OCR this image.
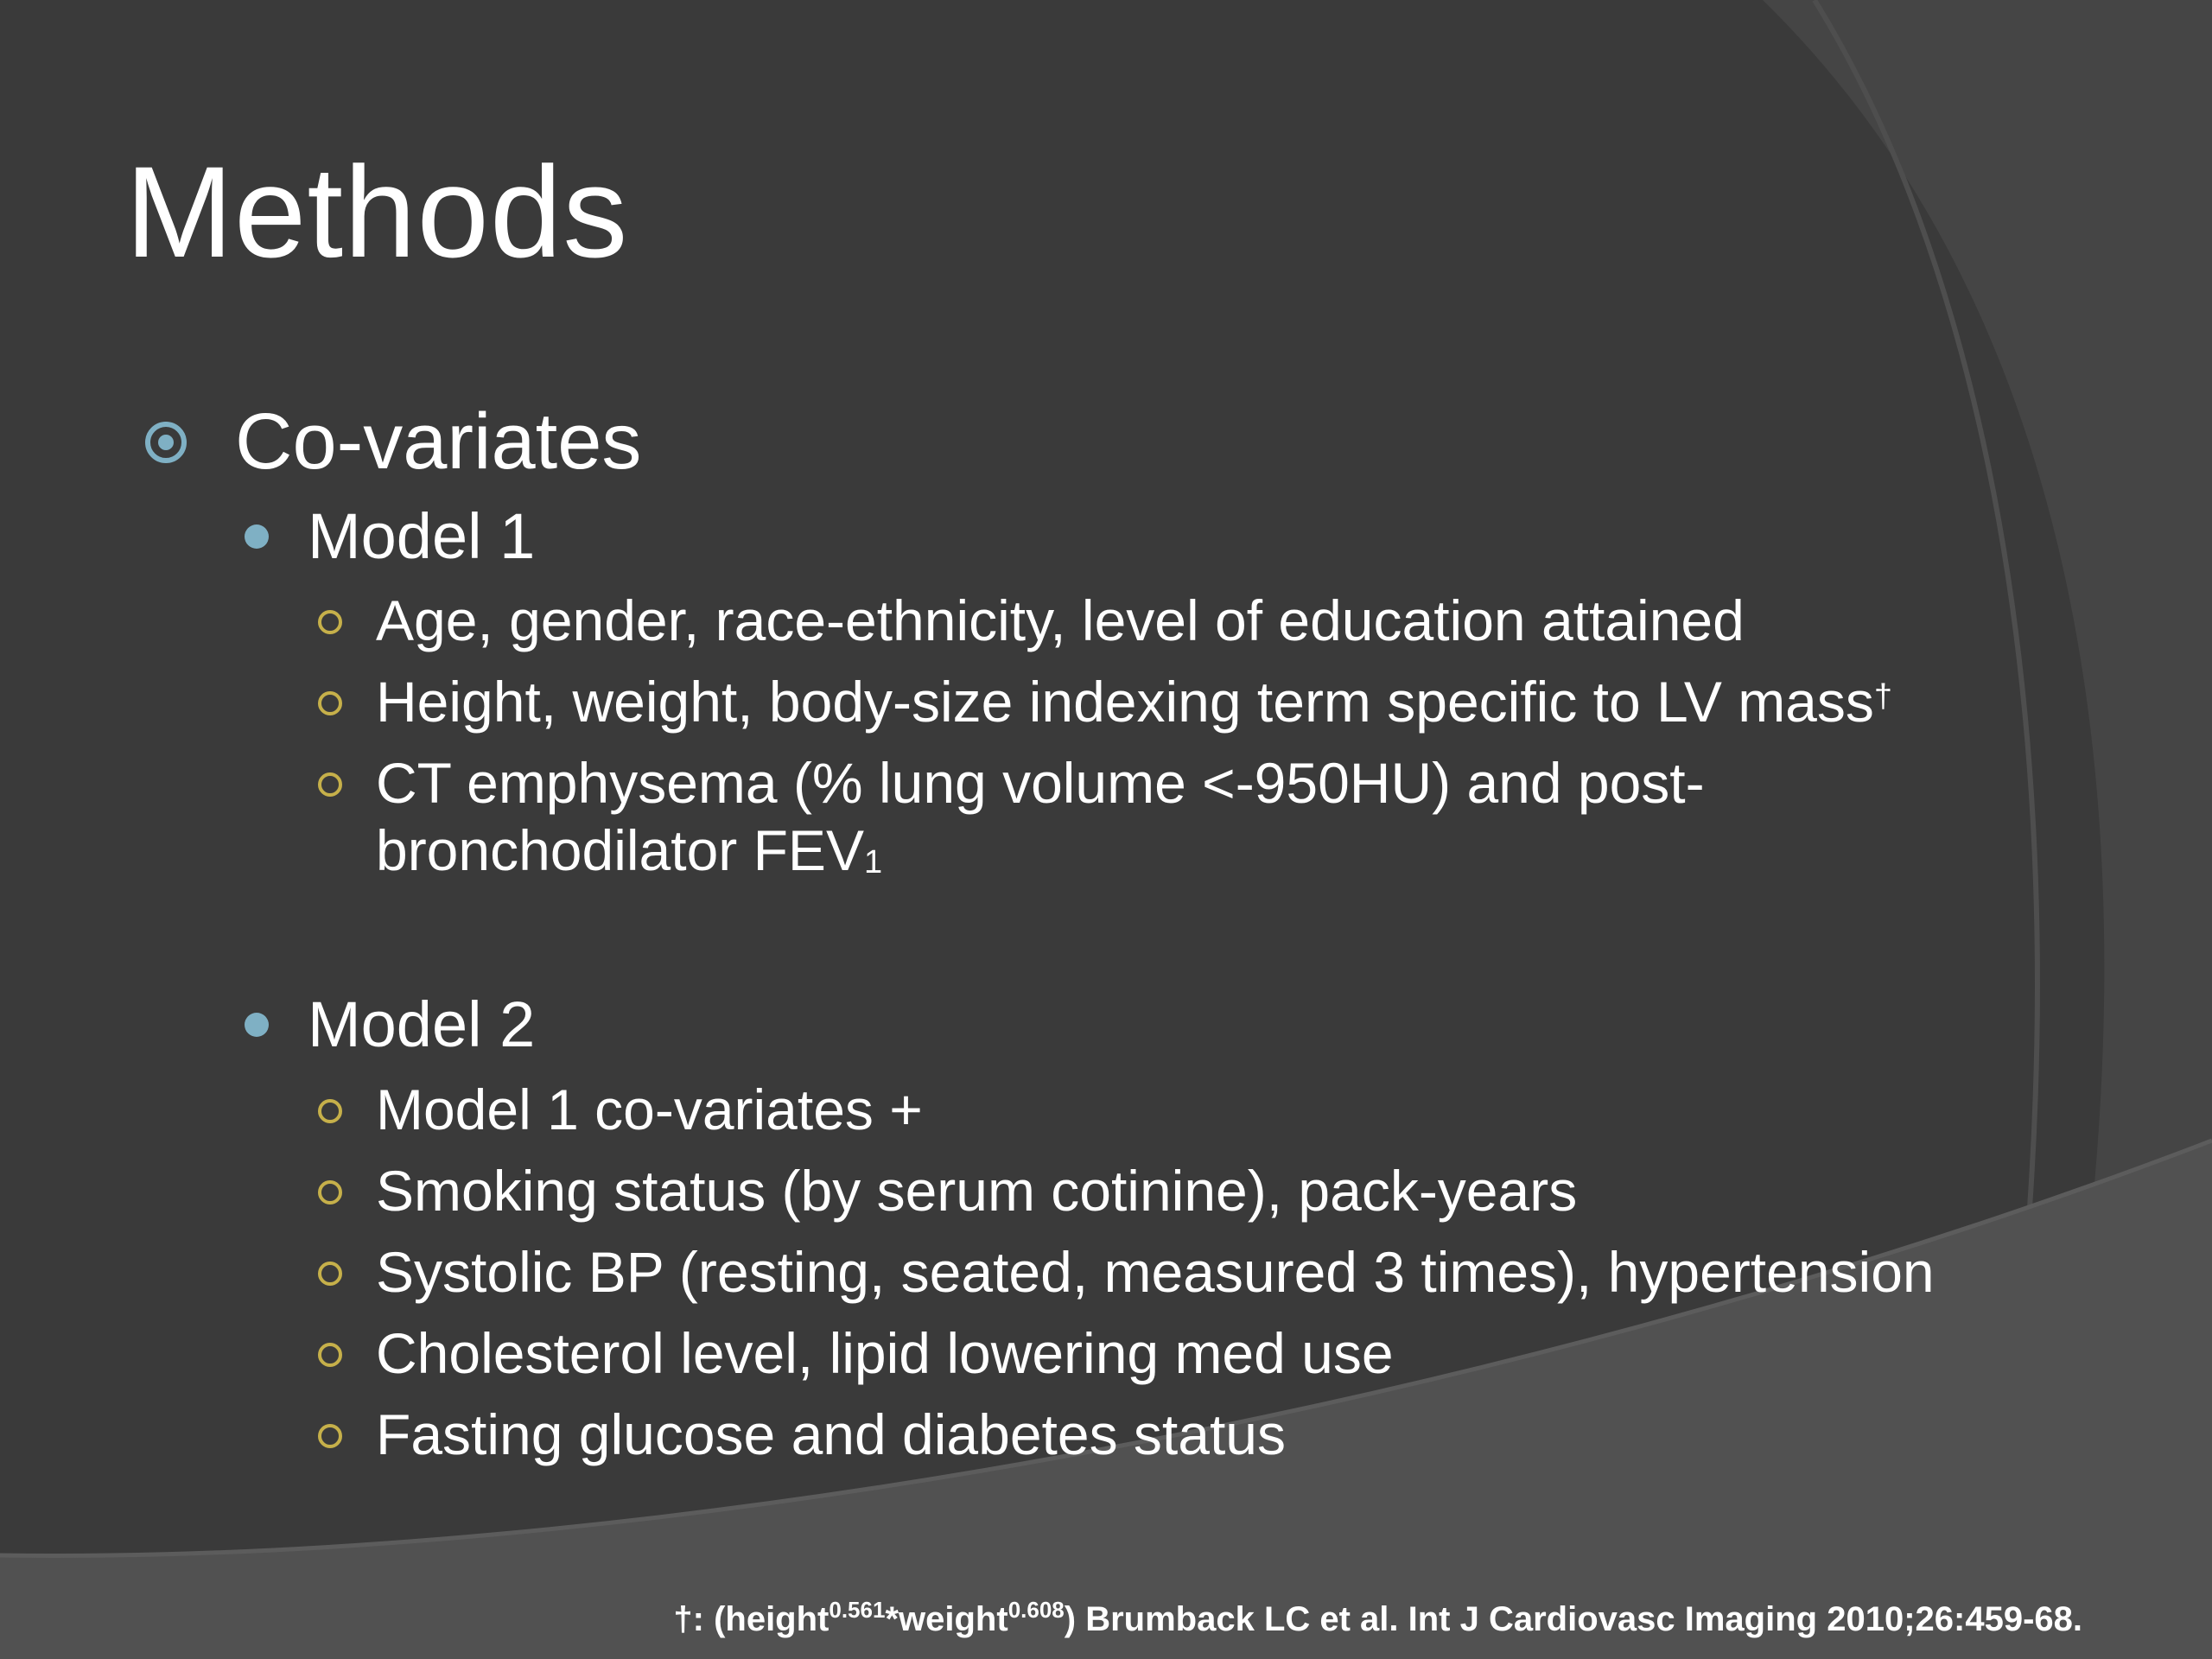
Methods
Co-variates
Model 1
Age, gender, race-ethnicity, level of education attained
Height, weight, body-size indexing term specific to LV mass†
CT emphysema (% lung volume <-950HU) and post-
bronchodilator $FEV_1$
Model 2
Model 1 co-variates +
Smoking status (by serum cotinine), pack-years
Systolic BP (resting, seated, measured 3 times), hypertension
Cholesterol level, lipid lowering med use
Fasting glucose and diabetes status
†: (height$^{0.561}$*weight$^{0.608}$) Brumback LC et al. Int J Cardiovasc Imaging 2010;26:459-68.
